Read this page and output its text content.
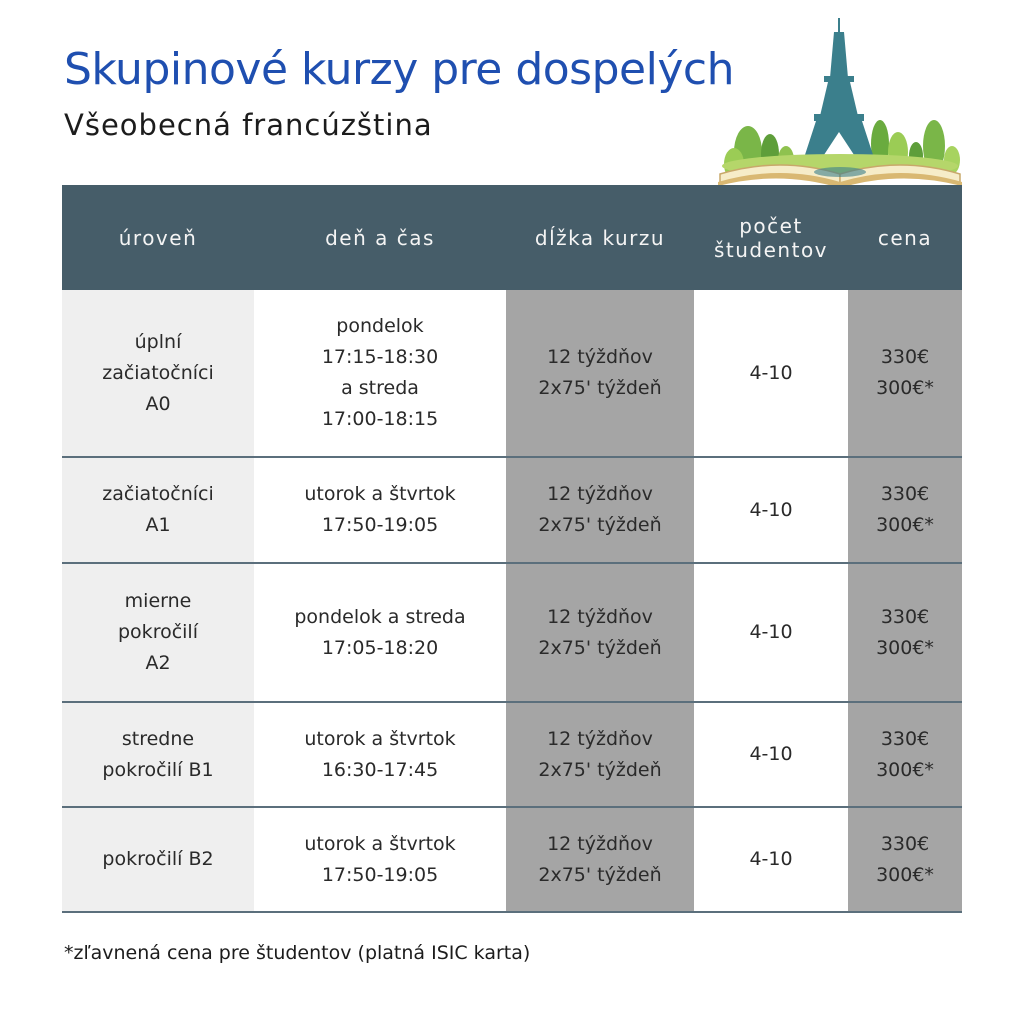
Skupinové kurzy pre dospelých
Všeobecná francúzština
úroveň	deň a čas	dĺžka kurzu	počet
študentov	cena

úplní
začiatočníci
A0	pondelok
17:15-18:30
a streda
17:00-18:15	12 týždňov
2x75' týždeň	4-10	330€
300€*

začiatočníci
A1	utorok a štvrtok
17:50-19:05	12 týždňov
2x75' týždeň	4-10	330€
300€*

mierne
pokročilí
A2	pondelok a streda
17:05-18:20	12 týždňov
2x75' týždeň	4-10	330€
300€*

stredne
pokročilí B1	utorok a štvrtok
16:30-17:45	12 týždňov
2x75' týždeň	4-10	330€
300€*

pokročilí B2	utorok a štvrtok
17:50-19:05	12 týždňov
2x75' týždeň	4-10	330€
300€*
*zľavnená cena pre študentov (platná ISIC karta)
